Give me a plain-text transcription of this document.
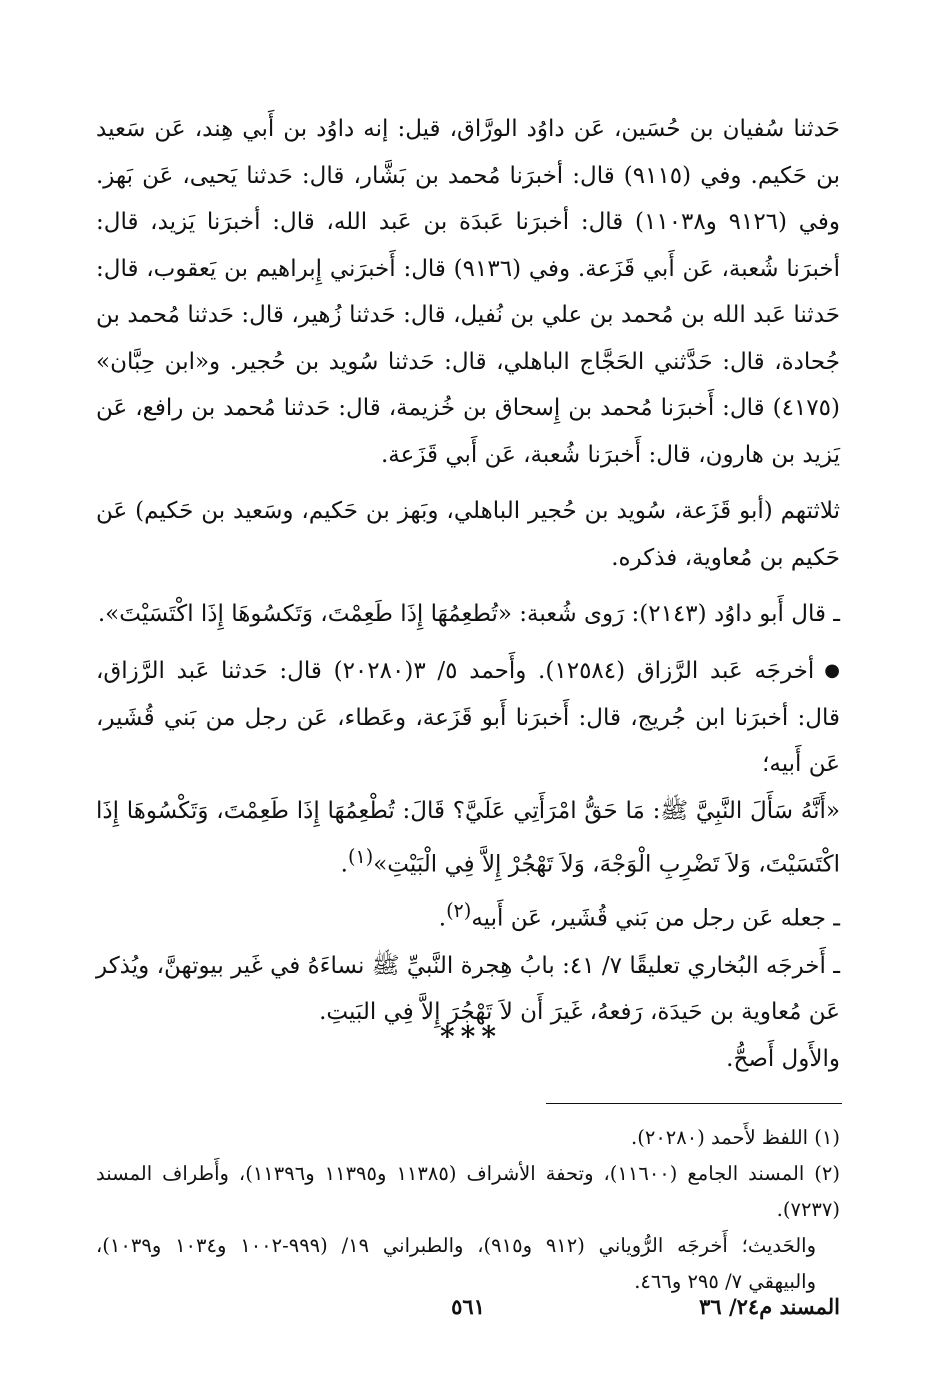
حَدثنا سُفيان بن حُسَين، عَن داوُد الورَّاق، قيل: إنه داوُد بن أَبي هِند، عَن سَعيد بن حَكيم. وفي (٩١١٥) قال: أخبرَنا مُحمد بن بَشَّار، قال: حَدثنا يَحيى، عَن بَهز. وفي (٩١٢٦ و١١٠٣٨) قال: أخبرَنا عَبدَة بن عَبد الله، قال: أخبرَنا يَزيد، قال: أخبرَنا شُعبة، عَن أَبي قَزَعة. وفي (٩١٣٦) قال: أَخبرَني إِبراهيم بن يَعقوب، قال: حَدثنا عَبد الله بن مُحمد بن علي بن نُفيل، قال: حَدثنا زُهير، قال: حَدثنا مُحمد بن جُحادة، قال: حَدَّثني الحَجَّاج الباهلي، قال: حَدثنا سُويد بن حُجير. و«ابن حِبَّان» (٤١٧٥) قال: أَخبرَنا مُحمد بن إِسحاق بن خُزيمة، قال: حَدثنا مُحمد بن رافع، عَن يَزيد بن هارون، قال: أَخبرَنا شُعبة، عَن أَبي قَزَعة.

ثلاثتهم (أبو قَزَعة، سُويد بن حُجير الباهلي، وبَهز بن حَكيم، وسَعيد بن حَكيم) عَن حَكيم بن مُعاوية، فذكره.

ـ قال أَبو داوُد (٢١٤٣): رَوى شُعبة: «تُطعِمُهَا إِذَا طَعِمْتَ، وَتَكسُوهَا إِذَا اكْتَسَيْتَ».

●أخرجَه عَبد الرَّزاق (١٢٥٨٤). وأَحمد ٥/ ٣(٢٠٢٨٠) قال: حَدثنا عَبد الرَّزاق، قال: أخبرَنا ابن جُريج، قال: أَخبرَنا أَبو قَزَعة، وعَطاء، عَن رجل من بَني قُشَير، عَن أَبيه؛

«أَنَّهُ سَأَلَ النَّبِيَّ ﷺ: مَا حَقُّ امْرَأَتِي عَلَيَّ؟ قَالَ: تُطْعِمُهَا إِذَا طَعِمْتَ، وَتَكْسُوهَا إِذَا اكْتَسَيْتَ، وَلاَ تَضْرِبِ الْوَجْهَ، وَلاَ تَهْجُرْ إِلاَّ فِي الْبَيْتِ»$^{(١)}$.

ـ جعله عَن رجل من بَني قُشَير، عَن أَبيه$^{(٢)}$.

ـ أَخرجَه البُخاري تعليقًا ٧/ ٤١: بابُ هِجرة النَّبيِّ ﷺ نساءَهُ في غَير بيوتهنَّ، ويُذكر عَن مُعاوية بن حَيدَة، رَفعهُ، غَيرَ أَن لاَ تَهْجُرَ إِلاَّ فِي البَيتِ.

والأَول أَصحُّ.

***

(١) اللفظ لأَحمد (٢٠٢٨٠).

(٢) المسند الجامع (١١٦٠٠)، وتحفة الأشراف (١١٣٨٥ و١١٣٩٥ و١١٣٩٦)، وأَطراف المسند (٧٢٣٧).

والحَديث؛ أَخرجَه الرُّوياني (٩١٢ و٩١٥)، والطبراني ١٩/ (٩٩٩-١٠٠٢ و١٠٣٤ و١٠٣٩)، والبيهقي ٧/ ٢٩٥ و٤٦٦.

المسند م٢٤/ ٣٦
٥٦١
